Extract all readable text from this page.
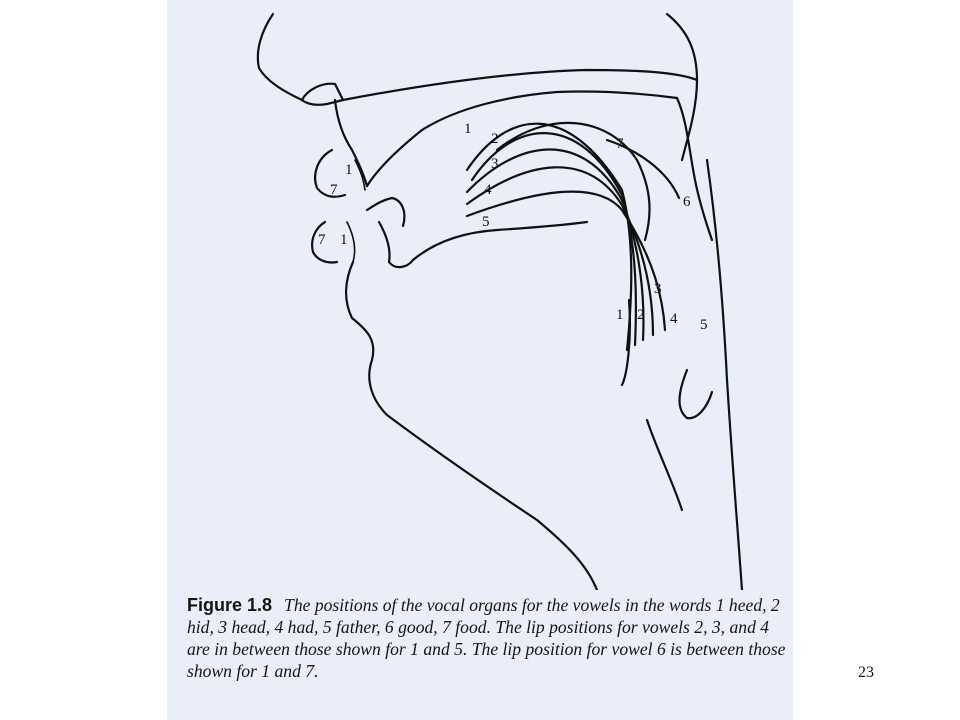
1
7
7 1
1
2
3
4
5
6
7
1 2
3
4 5
Figure 1.8 The positions of the vocal organs for the vowels in the words 1 heed, 2 hid, 3 head, 4 had, 5 father, 6 good, 7 food. The lip positions for vowels 2, 3, and 4 are in between those shown for 1 and 5. The lip position for vowel 6 is between those shown for 1 and 7.	23
